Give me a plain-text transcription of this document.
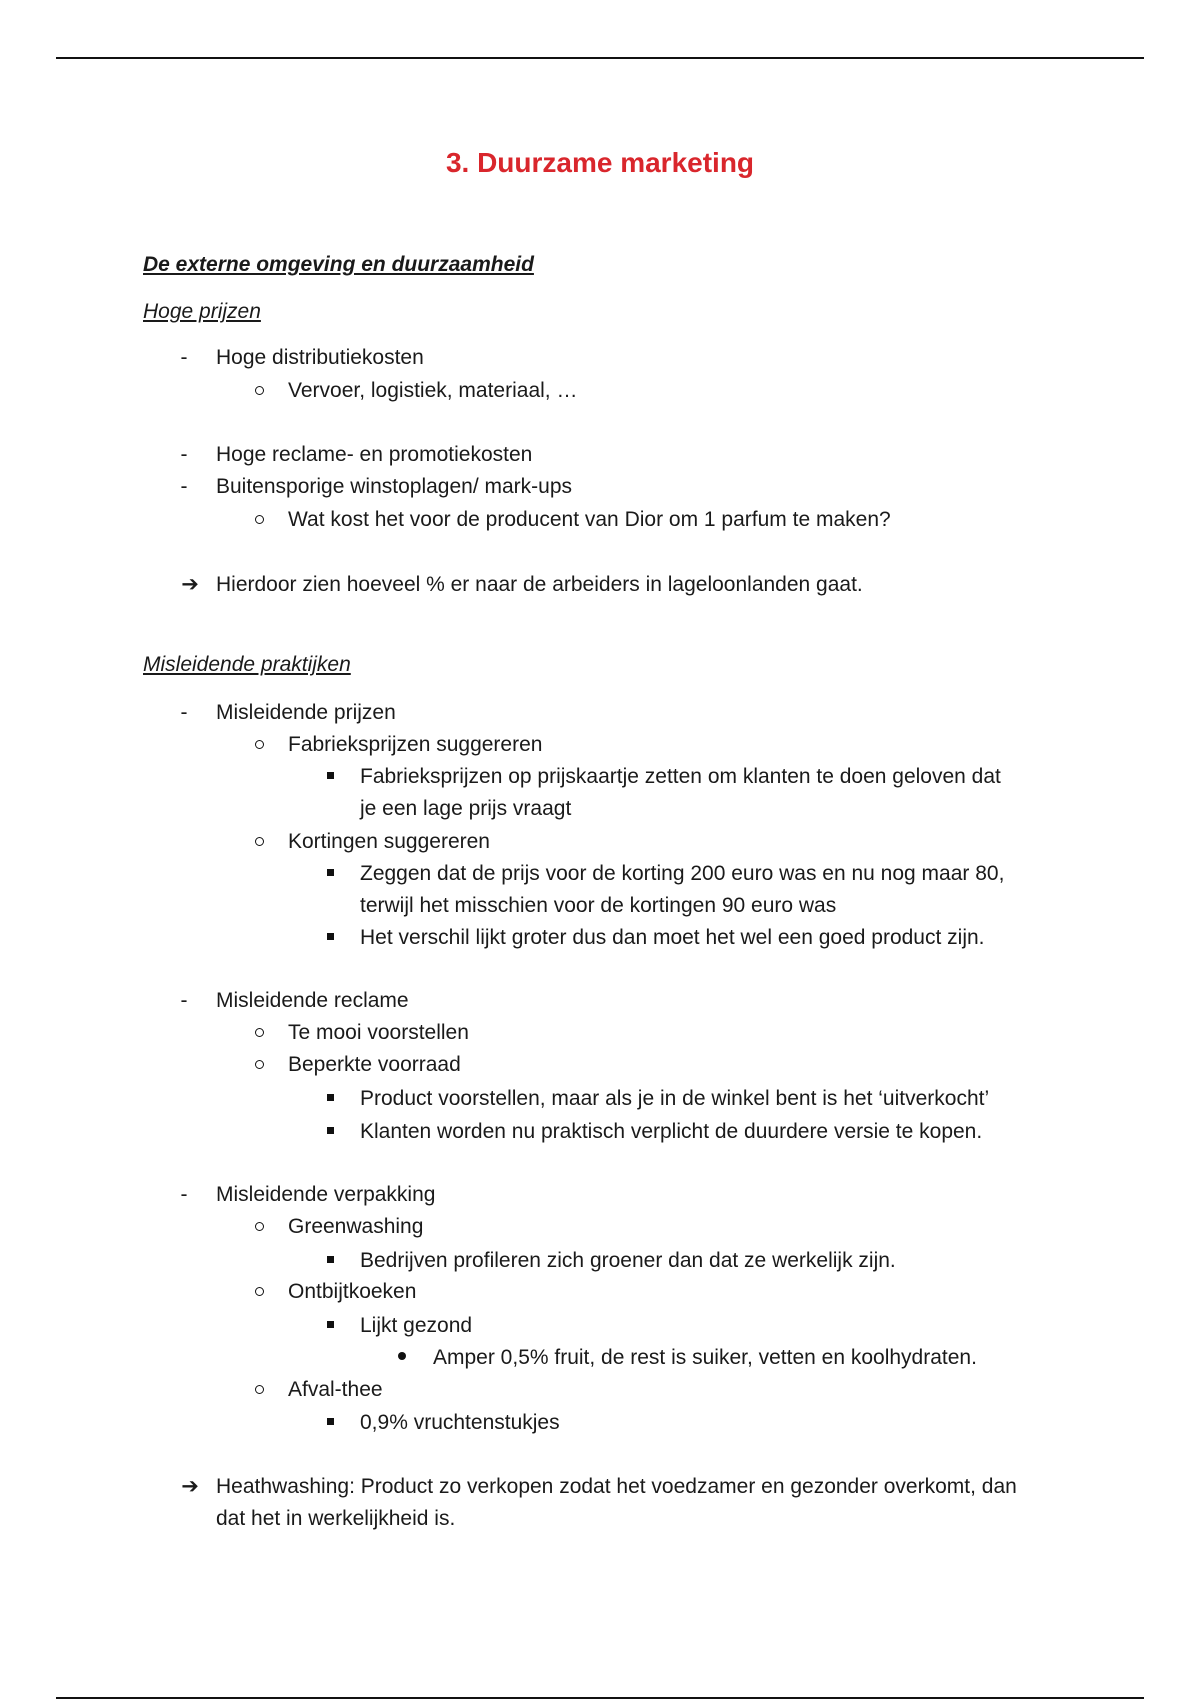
3. Duurzame marketing
De externe omgeving en duurzaamheid
Hoge prijzen
-	Hoge distributiekosten
Vervoer, logistiek, materiaal, …
-	Hoge reclame- en promotiekosten
-	Buitensporige winstoplagen/ mark-ups
Wat kost het voor de producent van Dior om 1 parfum te maken?
➔ Hierdoor zien hoeveel % er naar de arbeiders in lageloonlanden gaat.
Misleidende praktijken
-	Misleidende prijzen
Fabrieksprijzen suggereren
Fabrieksprijzen op prijskaartje zetten om klanten te doen geloven dat
je een lage prijs vraagt
Kortingen suggereren
Zeggen dat de prijs voor de korting 200 euro was en nu nog maar 80,
terwijl het misschien voor de kortingen 90 euro was
Het verschil lijkt groter dus dan moet het wel een goed product zijn.
-	Misleidende reclame
Te mooi voorstellen
Beperkte voorraad
Product voorstellen, maar als je in de winkel bent is het ‘uitverkocht’
Klanten worden nu praktisch verplicht de duurdere versie te kopen.
-	Misleidende verpakking
Greenwashing
Bedrijven profileren zich groener dan dat ze werkelijk zijn.
Ontbijtkoeken
Lijkt gezond
Amper 0,5% fruit, de rest is suiker, vetten en koolhydraten.
Afval-thee
0,9% vruchtenstukjes
➔ Heathwashing: Product zo verkopen zodat het voedzamer en gezonder overkomt, dan
dat het in werkelijkheid is.
